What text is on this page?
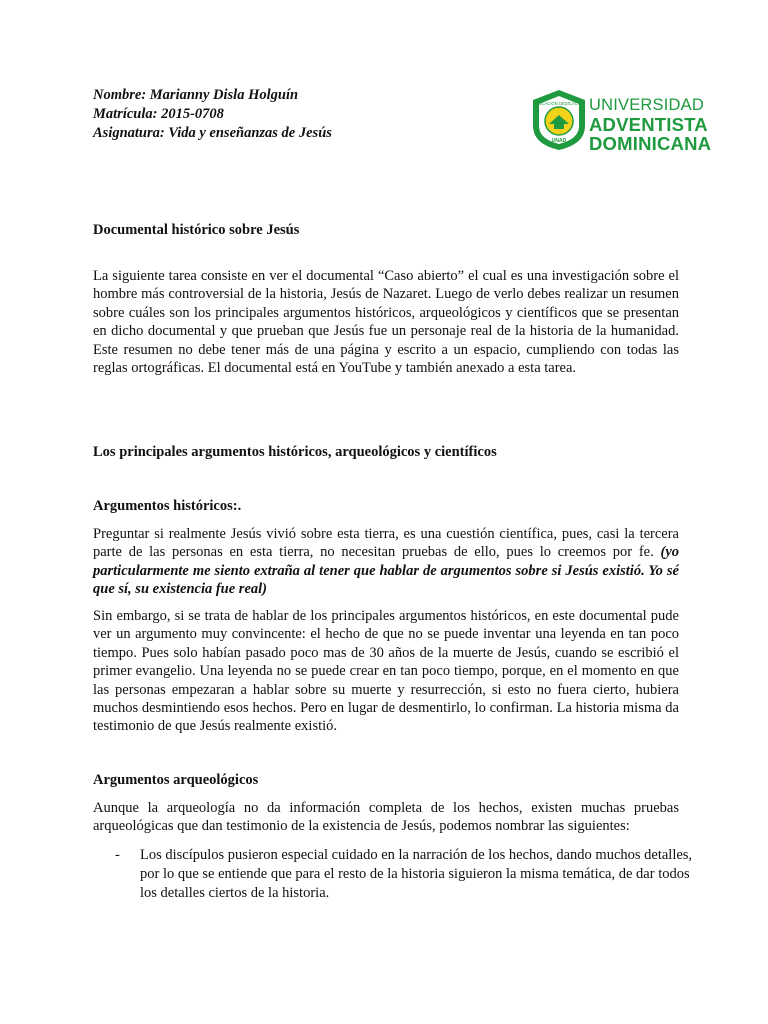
Nombre: Marianny Disla Holguín
Matrícula: 2015-0708
Asignatura: Vida y enseñanzas de Jesús
EDUCACIÓN DEDICACIÓN
UNAD
UNIVERSIDAD
ADVENTISTA
DOMINICANA
Documental histórico sobre Jesús
La siguiente tarea consiste en ver el documental “Caso abierto” el cual es una investigación sobre el hombre más controversial de la historia, Jesús de Nazaret. Luego de verlo debes realizar un resumen sobre cuáles son los principales argumentos históricos, arqueológicos y científicos que se presentan en dicho documental y que prueban que Jesús fue un personaje real de la historia de la humanidad. Este resumen no debe tener más de una página y escrito a un espacio, cumpliendo con todas las reglas ortográficas. El documental está en YouTube y también anexado a esta tarea.
Los principales argumentos históricos, arqueológicos y científicos
Argumentos históricos:.
Preguntar si realmente Jesús vivió sobre esta tierra, es una cuestión científica, pues, casi la tercera parte de las personas en esta tierra, no necesitan pruebas de ello, pues lo creemos por fe. (yo particularmente me siento extraña al tener que hablar de argumentos sobre si Jesús existió. Yo sé que sí, su existencia fue real)
Sin embargo, si se trata de hablar de los principales argumentos históricos, en este documental pude ver un argumento muy convincente: el hecho de que no se puede inventar una leyenda en tan poco tiempo. Pues solo habían pasado poco mas de 30 años de la muerte de Jesús, cuando se escribió el primer evangelio. Una leyenda no se puede crear en tan poco tiempo, porque, en el momento en que las personas empezaran a hablar sobre su muerte y resurrección, si esto no fuera cierto, hubiera muchos desmintiendo esos hechos. Pero en lugar de desmentirlo, lo confirman. La historia misma da testimonio de que Jesús realmente existió.
Argumentos arqueológicos
Aunque la arqueología no da información completa de los hechos, existen muchas pruebas arqueológicas que dan testimonio de la existencia de Jesús, podemos nombrar las siguientes:
- Los discípulos pusieron especial cuidado en la narración de los hechos, dando muchos detalles, por lo que se entiende que para el resto de la historia siguieron la misma temática, de dar todos los detalles ciertos de la historia.
